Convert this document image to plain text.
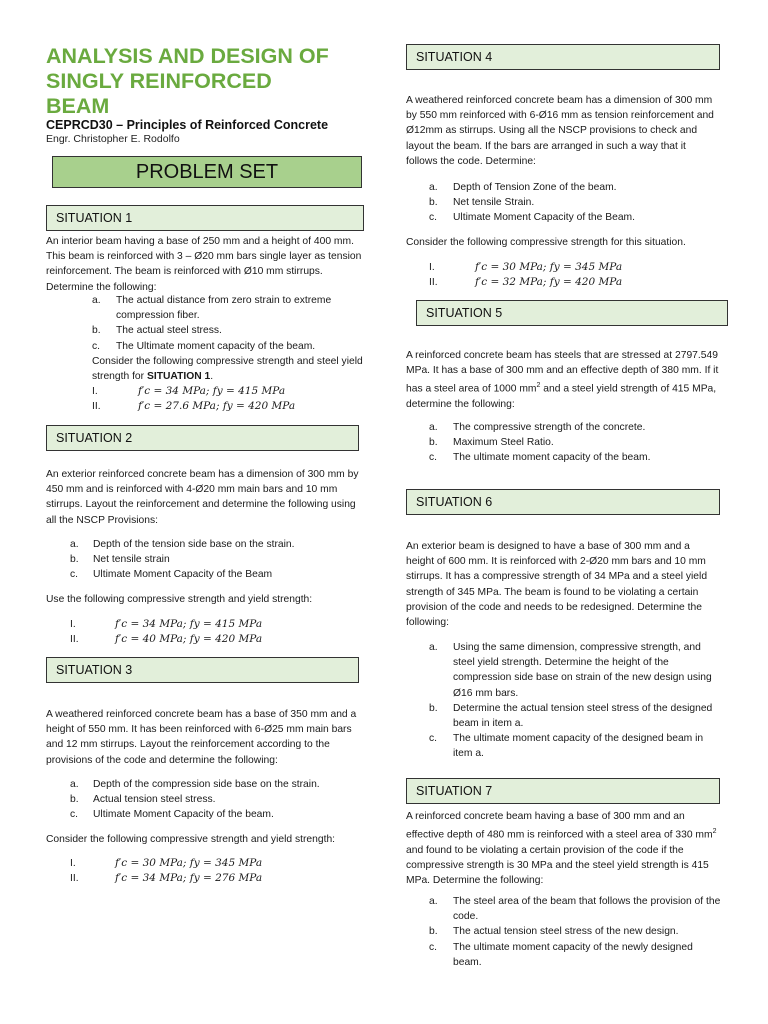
ANALYSIS AND DESIGN OF
SINGLY REINFORCED
BEAM
CEPRCD30 – Principles of Reinforced Concrete
Engr. Christopher E. Rodolfo
PROBLEM SET
SITUATION 1

An interior beam having a base of 250 mm and a height of 400 mm. This beam is reinforced with 3 – Ø20 mm bars single layer as tension reinforcement. The beam is reinforced with Ø10 mm stirrups. Determine the following:

a.	The actual distance from zero strain to extreme compression fiber.
b.	The actual steel stress.
c.	The Ultimate moment capacity of the beam.

Consider the following compressive strength and steel yield strength for SITUATION 1.

I.	f′c = 34 MPa; fy = 415 MPa
II.	f′c = 27.6 MPa; fy = 420 MPa
SITUATION 2

An exterior reinforced concrete beam has a dimension of 300 mm by 450 mm and is reinforced with 4-Ø20 mm main bars and 10 mm stirrups. Layout the reinforcement and determine the following using all the NSCP Provisions:

a.	Depth of the tension side base on the strain.
b.	Net tensile strain
c.	Ultimate Moment Capacity of the Beam

Use the following compressive strength and yield strength:

I.	f′c = 34 MPa; fy = 415 MPa
II.	f′c = 40 MPa; fy = 420 MPa
SITUATION 3

A weathered reinforced concrete beam has a base of 350 mm and a height of 550 mm. It has been reinforced with 6-Ø25 mm main bars and 12 mm stirrups. Layout the reinforcement according to the provisions of the code and determine the following:

a.	Depth of the compression side base on the strain.
b.	Actual tension steel stress.
c.	Ultimate Moment Capacity of the beam.

Consider the following compressive strength and yield strength:

I.	f′c = 30 MPa; fy = 345 MPa
II.	f′c = 34 MPa; fy = 276 MPa
SITUATION 4

A weathered reinforced concrete beam has a dimension of 300 mm by 550 mm reinforced with 6-Ø16 mm as tension reinforcement and Ø12mm as stirrups. Using all the NSCP provisions to check and layout the beam. If the bars are arranged in such a way that it follows the code. Determine:

a.	Depth of Tension Zone of the beam.
b.	Net tensile Strain.
c.	Ultimate Moment Capacity of the Beam.

Consider the following compressive strength for this situation.

I.	f′c = 30 MPa; fy = 345 MPa
II.	f′c = 32 MPa; fy = 420 MPa
SITUATION 5

A reinforced concrete beam has steels that are stressed at 2797.549 MPa. It has a base of 300 mm and an effective depth of 380 mm. If it has a steel area of 1000 $mm^2$ and a steel yield strength of 415 MPa, determine the following:

a.	The compressive strength of the concrete.
b.	Maximum Steel Ratio.
c.	The ultimate moment capacity of the beam.
SITUATION 6

An exterior beam is designed to have a base of 300 mm and a height of 600 mm. It is reinforced with 2-Ø20 mm bars and 10 mm stirrups. It has a compressive strength of 34 MPa and a steel yield strength of 345 MPa. The beam is found to be violating a certain provision of the code and needs to be redesigned. Determine the following:

a.	Using the same dimension, compressive strength, and steel yield strength. Determine the height of the compression side base on strain of the new design using Ø16 mm bars.
b.	Determine the actual tension steel stress of the designed beam in item a.
c.	The ultimate moment capacity of the designed beam in item a.
SITUATION 7

A reinforced concrete beam having a base of 300 mm and an effective depth of 480 mm is reinforced with a steel area of 330 $mm^2$ and found to be violating a certain provision of the code if the compressive strength is 30 MPa and the steel yield strength is 415 MPa. Determine the following:

a.	The steel area of the beam that follows the provision of the code.
b.	The actual tension steel stress of the new design.
c.	The ultimate moment capacity of the newly designed beam.
